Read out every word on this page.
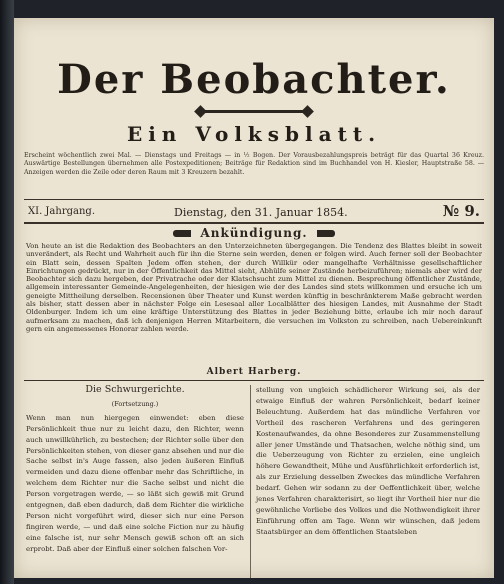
Der Beobachter.
Ein Volksblatt.
Erscheint wöchentlich zwei Mal. — Dienstags und Freitags — in ½ Bogen. Der Vorausbezahlungspreis beträgt für das Quartal 36 Kreuz. Auswärtige Bestellungen übernehmen alle Postexpeditionen; Beiträge für Redaktion sind im Buchhandel von H. Kiesler, Hauptstraße 58. — Anzeigen werden die Zeile oder deren Raum mit 3 Kreuzern bezahlt.
XI. Jahrgang.	Dienstag, den 31. Januar 1854.	№ 9.
Ankündigung.
Von heute an ist die Redaktion des Beobachters an den Unterzeichneten übergegangen. Die Tendenz des Blattes bleibt in soweit unverändert, als Recht und Wahrheit auch für ihn die Sterne sein werden, denen er folgen wird. Auch ferner soll der Beobachter ein Blatt sein, dessen Spalten Jedem offen stehen, der durch Willkür oder mangelhafte Verhältnisse gesellschaftlicher Einrichtungen gedrückt, nur in der Öffentlichkeit das Mittel sieht, Abhülfe seiner Zustände herbeizuführen; niemals aber wird der Beobachter sich dazu hergeben, der Privatrache oder der Klatschsucht zum Mittel zu dienen. Besprechung öffentlicher Zustände, allgemein interessanter Gemeinde-Angelegenheiten, der hiesigen wie der des Landes sind stets willkommen und ersuche ich um geneigte Mittheilung derselben. Recensionen über Theater und Kunst werden künftig in beschränkterem Maße gebracht werden als bisher, statt dessen aber in nächster Folge ein Lesesaal aller Localblätter des hiesigen Landes, mit Ausnahme der Stadt Oldenburger. Indem ich um eine kräftige Unterstützung des Blattes in jeder Beziehung bitte, erlaube ich mir noch darauf aufmerksam zu machen, daß ich denjenigen Herren Mitarbeitern, die versuchen im Volkston zu schreiben, nach Uebereinkunft gern ein angemessenes Honorar zahlen werde.
Albert Harberg.
Die Schwurgerichte.
(Fortsetzung.)
Wenn man nun hiergegen einwendet: eben diese Persönlichkeit thue nur zu leicht dazu, den Richter, wenn auch unwillkührlich, zu bestechen; der Richter solle über den Persönlichkeiten stehen, von dieser ganz absehen und nur die Sache selbst in's Auge fassen, also jeden äußeren Einfluß vermeiden und dazu diene offenbar mehr das Schriftliche, in welchem dem Richter nur die Sache selbst und nicht die Person vorgetragen werde, — so läßt sich gewiß mit Grund entgegnen, daß eben dadurch, daß dem Richter die wirkliche Person nicht vorgeführt wird, dieser sich nur eine Person fingiren werde, — und daß eine solche Fiction nur zu häufig eine falsche ist, nur sehr Mensch gewiß schon oft an sich erprobt. Daß aber der Einfluß einer solchen falschen Vor-
stellung von ungleich schädlicherer Wirkung sei, als der etwaige Einfluß der wahren Persönlichkeit, bedarf keiner Beleuchtung. Außerdem hat das mündliche Verfahren vor Vortheil des rascheren Verfahrens und des geringeren Kostenaufwandes, da ohne Besonderes zur Zusammenstellung aller jener Umstände und Thatsachen, welche nöthig sind, um die Ueberzeugung von Richter zu erzielen, eine ungleich höhere Gewandtheit, Mühe und Ausführlichkeit erforderlich ist, als zur Erzielung desselben Zweckes das mündliche Verfahren bedarf. Gehen wir sodann zu der Oeffentlichkeit über, welche jenes Verfahren charakterisirt, so liegt ihr Vortheil hier nur die gewöhnliche Vorliebe des Volkes und die Nothwendigkeit ihrer Einführung offen am Tage. Wenn wir wünschen, daß jedem Staatsbürger an dem öffentlichen Staatsleben
